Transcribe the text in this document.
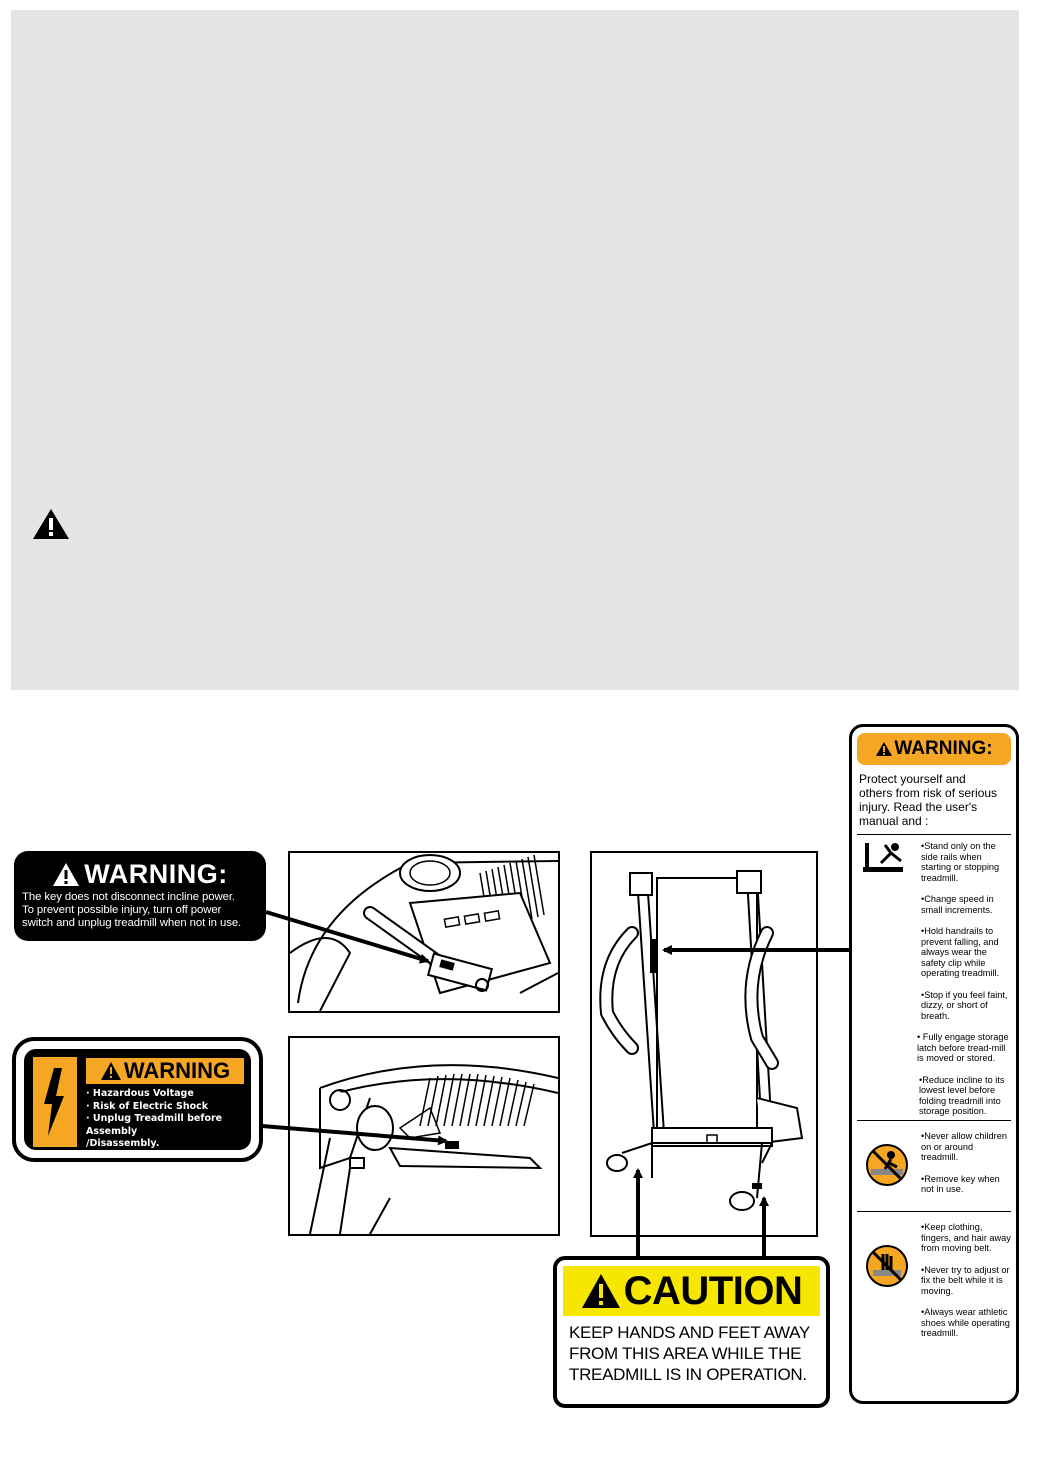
WARNING:
The key does not disconnect incline power.
To prevent possible injury, turn off power
switch and unplug treadmill when not in use.
WARNING
· Hazardous Voltage
· Risk of Electric Shock
· Unplug Treadmill before Assembly
/Disassembly.
CAUTION
KEEP HANDS AND FEET AWAY
FROM THIS AREA WHILE THE
TREADMILL IS IN OPERATION.
WARNING:
Protect yourself and
others from risk of serious
injury. Read the user's
manual and :

•Stand only on the side rails when starting or stopping treadmill.

•Change speed in small increments.

•Hold handrails to prevent falling, and always wear the safety clip while operating treadmill.

•Stop if you feel faint, dizzy, or short of breath.

• Fully engage storage latch before tread-mill is moved or stored.

•Reduce incline to its lowest level before folding treadmill into storage position.

•Never allow children on or around treadmill.

•Remove key when not in use.

•Keep clothing, fingers, and hair away from moving belt.

•Never try to adjust or fix the belt while it is moving.

•Always wear athletic shoes while operating treadmill.
